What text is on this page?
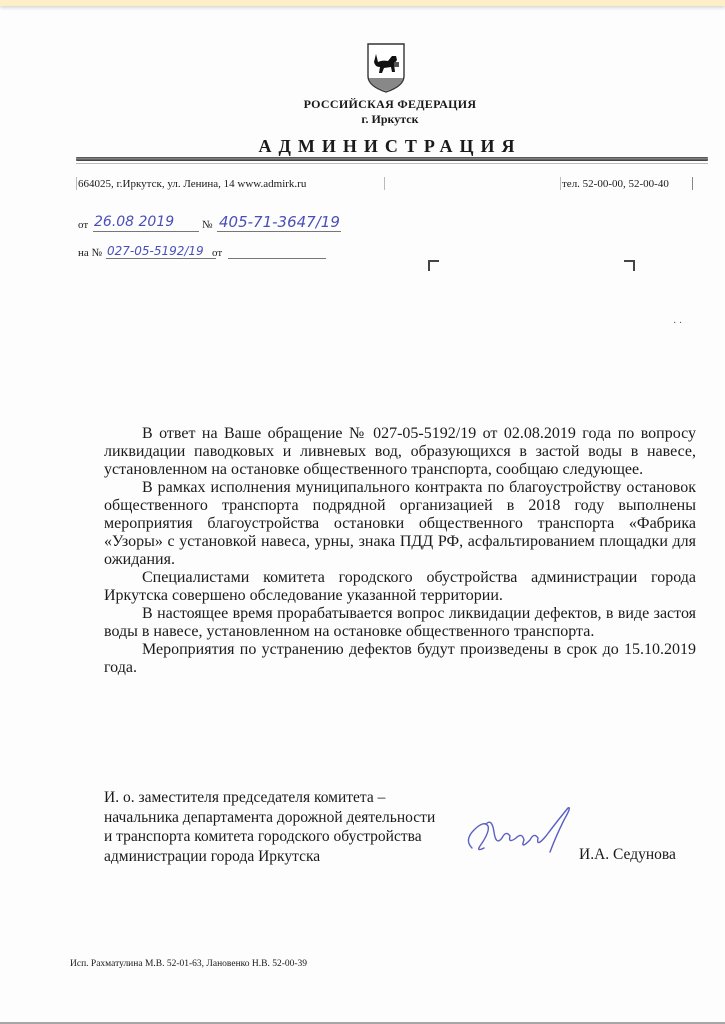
РОССИЙСКАЯ ФЕДЕРАЦИЯ
г. Иркутск
АДМИНИСТРАЦИЯ
664025, г.Иркутск, ул. Ленина, 14 www.admirk.ru	тел. 52-00-00, 52-00-40
от 26.08 2019	№ 405-71-3647/19
на № 027-05-5192/19 от
· ·

В ответ на Ваше обращение № 027-05-5192/19 от 02.08.2019 года по вопросу ликвидации паводковых и ливневых вод, образующихся в застой воды в навесе, установленном на остановке общественного транспорта, сообщаю следующее.

В рамках исполнения муниципального контракта по благоустройству остановок общественного транспорта подрядной организацией в 2018 году выполнены мероприятия благоустройства остановки общественного транспорта «Фабрика «Узоры» с установкой навеса, урны, знака ПДД РФ, асфальтированием площадки для ожидания.

Специалистами комитета городского обустройства администрации города Иркутска совершено обследование указанной территории.

В настоящее время прорабатывается вопрос ликвидации дефектов, в виде застоя воды в навесе, установленном на остановке общественного транспорта.

Мероприятия по устранению дефектов будут произведены в срок до 15.10.2019 года.

И. о. заместителя председателя комитета –
начальника департамента дорожной деятельности
и транспорта комитета городского обустройства
администрации города Иркутска	И.А. Седунова
Исп. Рахматулина М.В. 52-01-63, Лановенко Н.В. 52-00-39
